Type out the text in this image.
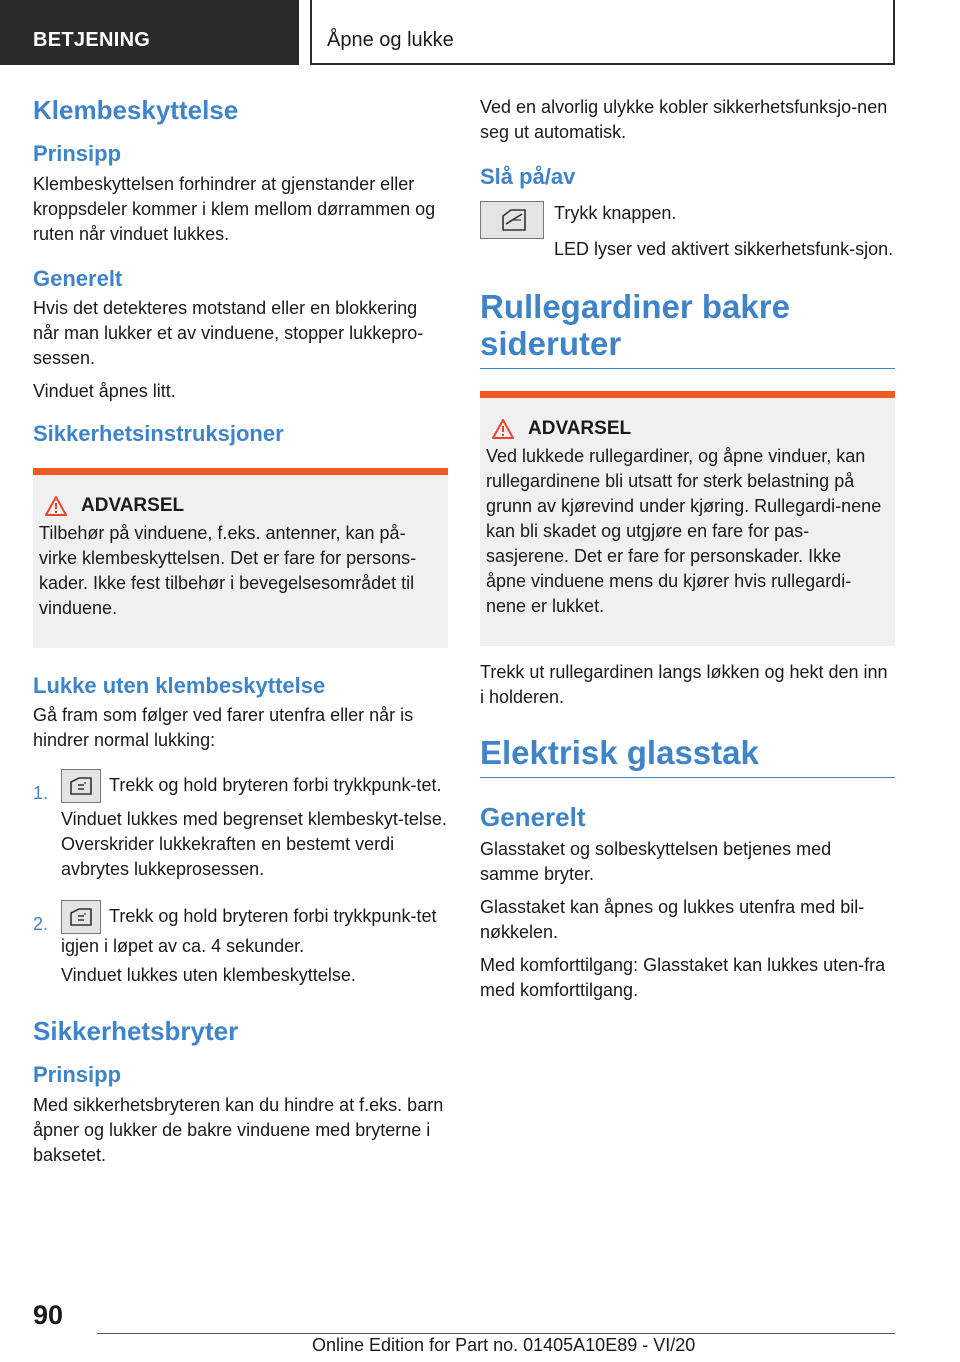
BETJENING	Åpne og lukke
Klembeskyttelse
Prinsipp

Klembeskyttelsen forhindrer at gjenstander eller kroppsdeler kommer i klem mellom dørrammen og ruten når vinduet lukkes.

Generelt

Hvis det detekteres motstand eller en blokkering når man lukker et av vinduene, stopper lukkepro-sessen.

Vinduet åpnes litt.

Sikkerhetsinstruksjoner
ADVARSEL

Tilbehør på vinduene, f.eks. antenner, kan på-virke klembeskyttelsen. Det er fare for persons-kader. Ikke fest tilbehør i bevegelsesområdet til vinduene.

Lukke uten klembeskyttelse

Gå fram som følger ved farer utenfra eller når is hindrer normal lukking:

1.	Trekk og hold bryteren forbi trykkpunk-tet.

Vinduet lukkes med begrenset klembeskyt-telse. Overskrider lukkekraften en bestemt verdi avbrytes lukkeprosessen.

2.	Trekk og hold bryteren forbi trykkpunk-tet igjen i løpet av ca. 4 sekunder.

Vinduet lukkes uten klembeskyttelse.

Sikkerhetsbryter
Prinsipp

Med sikkerhetsbryteren kan du hindre at f.eks. barn åpner og lukker de bakre vinduene med bryterne i baksetet.

Ved en alvorlig ulykke kobler sikkerhetsfunksjo-nen seg ut automatisk.

Slå på/av

Trykk knappen.

LED lyser ved aktivert sikkerhetsfunk-sjon.

Rullegardiner bakre sideruter
ADVARSEL

Ved lukkede rullegardiner, og åpne vinduer, kan rullegardinene bli utsatt for sterk belastning på grunn av kjørevind under kjøring. Rullegardi-nene kan bli skadet og utgjøre en fare for pas-sasjerene. Det er fare for personskader. Ikke åpne vinduene mens du kjører hvis rullegardi-nene er lukket.

Trekk ut rullegardinen langs løkken og hekt den inn i holderen.

Elektrisk glasstak
Generelt

Glasstaket og solbeskyttelsen betjenes med samme bryter.

Glasstaket kan åpnes og lukkes utenfra med bil-nøkkelen.

Med komforttilgang: Glasstaket kan lukkes uten-fra med komforttilgang.

90
Online Edition for Part no. 01405A10E89 - VI/20
